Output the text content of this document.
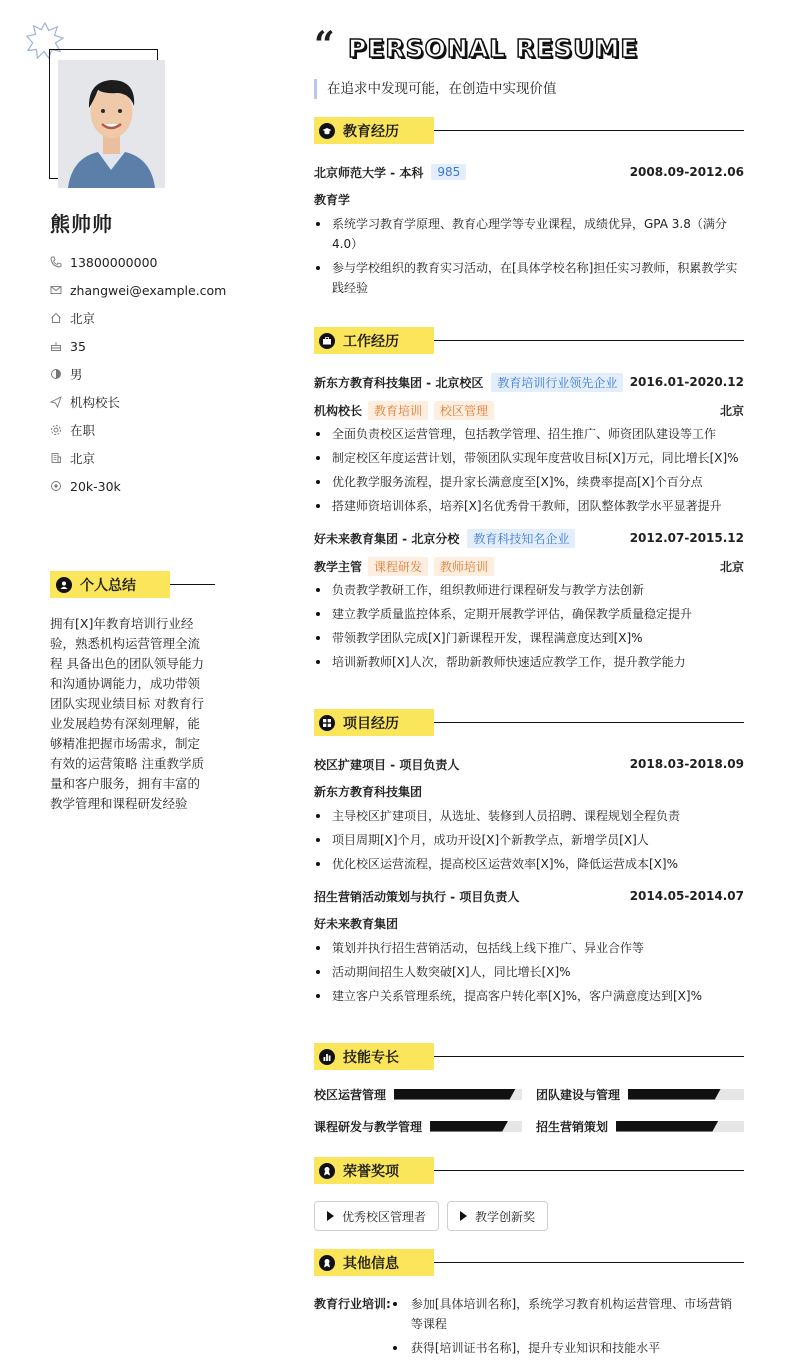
熊帅帅
13800000000
zhangwei@example.com
北京
35
男
机构校长
在职
北京
20k-30k
个人总结
拥有[X]年教育培训行业经验，熟悉机构运营管理全流程 具备出色的团队领导能力和沟通协调能力，成功带领团队实现业绩目标 对教育行业发展趋势有深刻理解，能够精准把握市场需求，制定有效的运营策略 注重教学质量和客户服务，拥有丰富的教学管理和课程研发经验
“ PERSONAL RESUME
在追求中发现可能，在创造中实现价值
教育经历
北京师范大学 - 本科	985	2008.09-2012.06
教育学
系统学习教育学原理、教育心理学等专业课程，成绩优异，GPA 3.8（满分4.0）
参与学校组织的教育实习活动，在[具体学校名称]担任实习教师，积累教学实践经验
工作经历
新东方教育科技集团 - 北京校区	教育培训行业领先企业	2016.01-2020.12
机构校长	教育培训	校区管理	北京
全面负责校区运营管理，包括教学管理、招生推广、师资团队建设等工作
制定校区年度运营计划，带领团队实现年度营收目标[X]万元，同比增长[X]%
优化教学服务流程，提升家长满意度至[X]%，续费率提高[X]个百分点
搭建师资培训体系，培养[X]名优秀骨干教师，团队整体教学水平显著提升
好未来教育集团 - 北京分校	教育科技知名企业	2012.07-2015.12
教学主管	课程研发	教师培训	北京
负责教学教研工作，组织教师进行课程研发与教学方法创新
建立教学质量监控体系，定期开展教学评估，确保教学质量稳定提升
带领教学团队完成[X]门新课程开发，课程满意度达到[X]%
培训新教师[X]人次，帮助新教师快速适应教学工作，提升教学能力
项目经历
校区扩建项目 - 项目负责人	2018.03-2018.09
新东方教育科技集团
主导校区扩建项目，从选址、装修到人员招聘、课程规划全程负责
项目周期[X]个月，成功开设[X]个新教学点，新增学员[X]人
优化校区运营流程，提高校区运营效率[X]%，降低运营成本[X]%
招生营销活动策划与执行 - 项目负责人	2014.05-2014.07
好未来教育集团
策划并执行招生营销活动，包括线上线下推广、异业合作等
活动期间招生人数突破[X]人，同比增长[X]%
建立客户关系管理系统，提高客户转化率[X]%，客户满意度达到[X]%
技能专长
校区运营管理	团队建设与管理
课程研发与教学管理	招生营销策划
荣誉奖项
优秀校区管理者	教学创新奖
其他信息
教育行业培训:	参加[具体培训名称]，系统学习教育机构运营管理、市场营销等课程
获得[培训证书名称]，提升专业知识和技能水平
